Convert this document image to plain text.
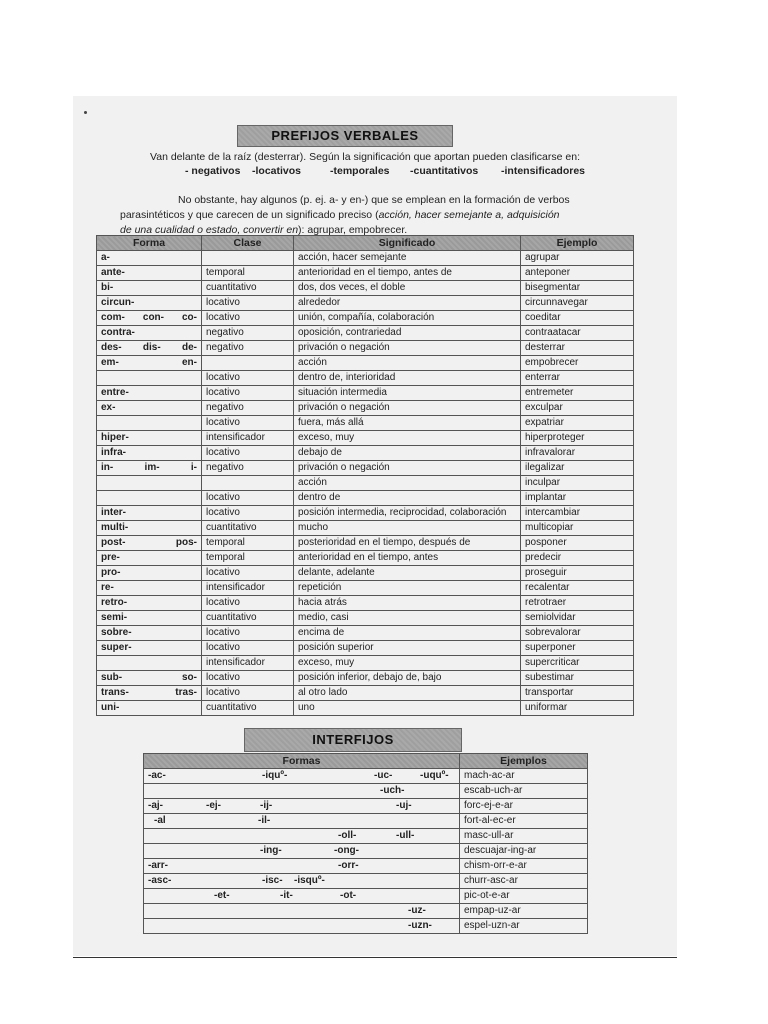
PREFIJOS VERBALES
Van delante de la raíz (desterrar). Según la significación que aportan pueden clasificarse en:
- negativos -locativos	-temporales -cuantitativos -intensificadores
No obstante, hay algunos (p. ej. a- y en-) que se emplean en la formación de verbos
parasintéticos y que carecen de un significado preciso (acción, hacer semejante a, adquisición
de una cualidad o estado, convertir en): agrupar, empobrecer.
Forma	Clase	Significado	Ejemplo
a-		acción, hacer semejante	agrupar
ante-	temporal	anterioridad en el tiempo, antes de	anteponer
bi-	cuantitativo	dos, dos veces, el doble	bisegmentar
circun-	locativo	alrededor	circunnavegar
com- con- co-	locativo	unión, compañía, colaboración	coeditar
contra-	negativo	oposición, contrariedad	contraatacar
des- dis- de-	negativo	privación o negación	desterrar
em- en-		acción	empobrecer
	locativo	dentro de, interioridad	enterrar
entre-	locativo	situación intermedia	entremeter
ex-	negativo	privación o negación	exculpar
	locativo	fuera, más allá	expatriar
hiper-	intensificador	exceso, muy	hiperproteger
infra-	locativo	debajo de	infravalorar
in- im- i-	negativo	privación o negación	ilegalizar
		acción	inculpar
	locativo	dentro de	implantar
inter-	locativo	posición intermedia, reciprocidad, colaboración	intercambiar
multi-	cuantitativo	mucho	multicopiar
post- pos-	temporal	posterioridad en el tiempo, después de	posponer
pre-	temporal	anterioridad en el tiempo, antes	predecir
pro-	locativo	delante, adelante	proseguir
re-	intensificador	repetición	recalentar
retro-	locativo	hacia atrás	retrotraer
semi-	cuantitativo	medio, casi	semiolvidar
sobre-	locativo	encima de	sobrevalorar
super-	locativo	posición superior	superponer
	intensificador	exceso, muy	supercriticar
sub- so-	locativo	posición inferior, debajo de, bajo	subestimar
trans- tras-	locativo	al otro lado	transportar
uni-	cuantitativo	uno	uniformar
INTERFIJOS
Formas	Ejemplos

-ac- -iquº- -uc- -uquº-	mach-ac-ar

-uch-	escab-uch-ar

-aj- -ej- -ij- -uj-	forc-ej-e-ar

-al -il-	fort-al-ec-er

-oll- -ull-	masc-ull-ar

-ing- -ong-	descuajar-ing-ar

-arr- -orr-	chism-orr-e-ar

-asc- -isc- -isquº-	churr-asc-ar

-et- -it- -ot-	pic-ot-e-ar

-uz-	empap-uz-ar

-uzn-	espel-uzn-ar
